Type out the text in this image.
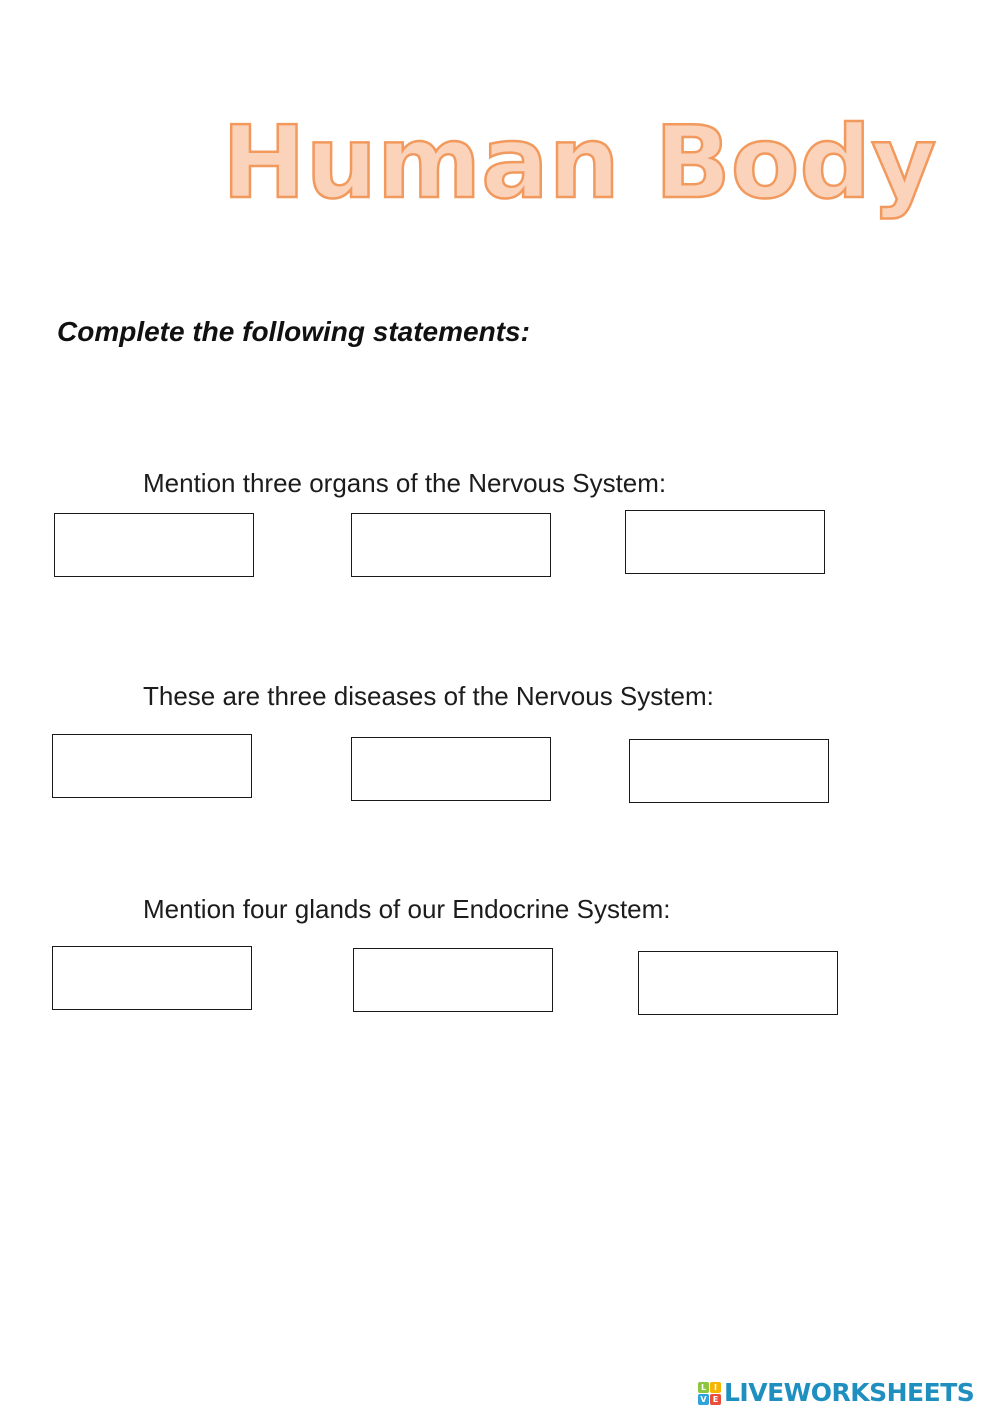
Human Body

Complete the following statements:

Mention three organs of the Nervous System:

These are three diseases of the Nervous System:

Mention four glands of our Endocrine System:

L I
V E LIVEWORKSHEETS
